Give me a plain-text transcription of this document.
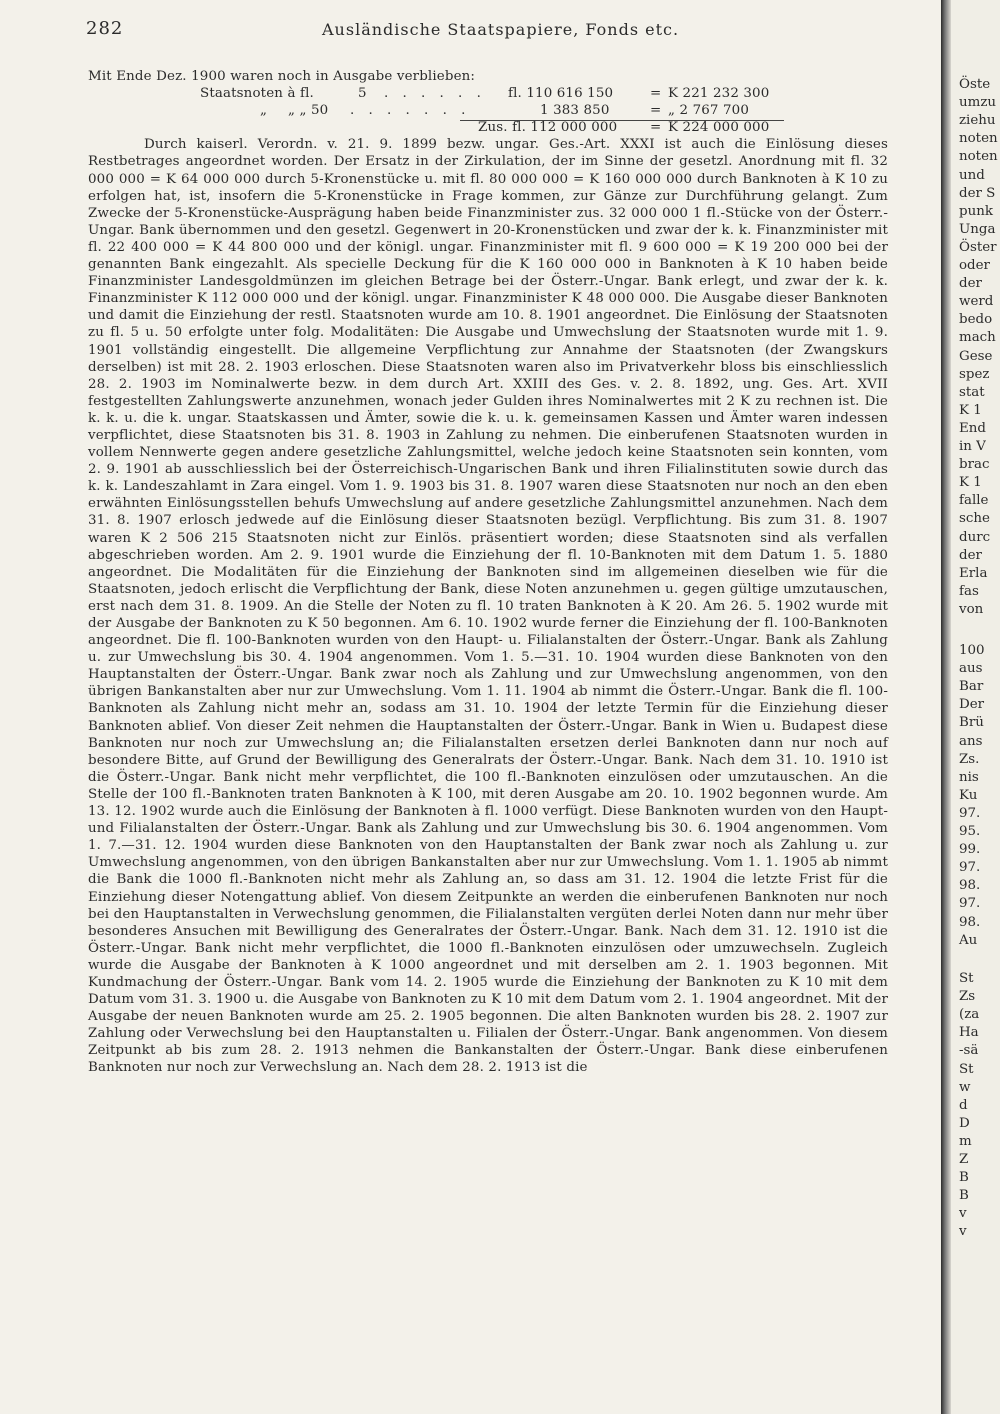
282	Ausländische Staatspapiere, Fonds etc.

Mit Ende Dez. 1900 waren noch in Ausgabe verblieben:

Staatsnoten à fl.	5 . . . . . . fl. 110 616 150	= K 221 232 300
„ „ „ 50 . . . . . . .	1 383 850	= „ 2 767 700
Zus. fl. 112 000 000 = K 224 000 000

Durch kaiserl. Verordn. v. 21. 9. 1899 bezw. ungar. Ges.-Art. XXXI ist auch die Einlösung dieses Restbetrages angeordnet worden. Der Ersatz in der Zirkulation, der im Sinne der gesetzl. Anordnung mit fl. 32 000 000 = K 64 000 000 durch 5-Kronenstücke u. mit fl. 80 000 000 = K 160 000 000 durch Banknoten à K 10 zu erfolgen hat, ist, insofern die 5-Kronenstücke in Frage kommen, zur Gänze zur Durchführung gelangt. Zum Zwecke der 5-Kronenstücke-Ausprägung haben beide Finanzminister zus. 32 000 000 1 fl.-Stücke von der Österr.-Ungar. Bank übernommen und den gesetzl. Gegenwert in 20-Kronenstücken und zwar der k. k. Finanzminister mit fl. 22 400 000 = K 44 800 000 und der königl. ungar. Finanzminister mit fl. 9 600 000 = K 19 200 000 bei der genannten Bank eingezahlt. Als specielle Deckung für die K 160 000 000 in Banknoten à K 10 haben beide Finanzminister Landesgoldmünzen im gleichen Betrage bei der Österr.-Ungar. Bank erlegt, und zwar der k. k. Finanzminister K 112 000 000 und der königl. ungar. Finanzminister K 48 000 000. Die Ausgabe dieser Banknoten und damit die Einziehung der restl. Staatsnoten wurde am 10. 8. 1901 angeordnet. Die Einlösung der Staatsnoten zu fl. 5 u. 50 erfolgte unter folg. Modalitäten: Die Ausgabe und Umwechslung der Staatsnoten wurde mit 1. 9. 1901 vollständig eingestellt. Die allgemeine Verpflichtung zur Annahme der Staatsnoten (der Zwangskurs derselben) ist mit 28. 2. 1903 erloschen. Diese Staatsnoten waren also im Privatverkehr bloss bis einschliesslich 28. 2. 1903 im Nominalwerte bezw. in dem durch Art. XXIII des Ges. v. 2. 8. 1892, ung. Ges. Art. XVII festgestellten Zahlungswerte anzunehmen, wonach jeder Gulden ihres Nominalwertes mit 2 K zu rechnen ist. Die k. k. u. die k. ungar. Staatskassen und Ämter, sowie die k. u. k. gemeinsamen Kassen und Ämter waren indessen verpflichtet, diese Staatsnoten bis 31. 8. 1903 in Zahlung zu nehmen. Die einberufenen Staatsnoten wurden in vollem Nennwerte gegen andere gesetzliche Zahlungsmittel, welche jedoch keine Staatsnoten sein konnten, vom 2. 9. 1901 ab ausschliesslich bei der Österreichisch-Ungarischen Bank und ihren Filialinstituten sowie durch das k. k. Landeszahlamt in Zara eingel. Vom 1. 9. 1903 bis 31. 8. 1907 waren diese Staatsnoten nur noch an den eben erwähnten Einlösungsstellen behufs Umwechslung auf andere gesetzliche Zahlungsmittel anzunehmen. Nach dem 31. 8. 1907 erlosch jedwede auf die Einlösung dieser Staatsnoten bezügl. Verpflichtung. Bis zum 31. 8. 1907 waren K 2 506 215 Staatsnoten nicht zur Einlös. präsentiert worden; diese Staatsnoten sind als verfallen abgeschrieben worden. Am 2. 9. 1901 wurde die Einziehung der fl. 10-Banknoten mit dem Datum 1. 5. 1880 angeordnet. Die Modalitäten für die Einziehung der Banknoten sind im allgemeinen dieselben wie für die Staatsnoten, jedoch erlischt die Verpflichtung der Bank, diese Noten anzunehmen u. gegen gültige umzutauschen, erst nach dem 31. 8. 1909. An die Stelle der Noten zu fl. 10 traten Banknoten à K 20. Am 26. 5. 1902 wurde mit der Ausgabe der Banknoten zu K 50 begonnen. Am 6. 10. 1902 wurde ferner die Einziehung der fl. 100-Banknoten angeordnet. Die fl. 100-Banknoten wurden von den Haupt- u. Filialanstalten der Österr.-Ungar. Bank als Zahlung u. zur Umwechslung bis 30. 4. 1904 angenommen. Vom 1. 5.—31. 10. 1904 wurden diese Banknoten von den Hauptanstalten der Österr.-Ungar. Bank zwar noch als Zahlung und zur Umwechslung angenommen, von den übrigen Bankanstalten aber nur zur Umwechslung. Vom 1. 11. 1904 ab nimmt die Österr.-Ungar. Bank die fl. 100-Banknoten als Zahlung nicht mehr an, sodass am 31. 10. 1904 der letzte Termin für die Einziehung dieser Banknoten ablief. Von dieser Zeit nehmen die Hauptanstalten der Österr.-Ungar. Bank in Wien u. Budapest diese Banknoten nur noch zur Umwechslung an; die Filialanstalten ersetzen derlei Banknoten dann nur noch auf besondere Bitte, auf Grund der Bewilligung des Generalrats der Österr.-Ungar. Bank. Nach dem 31. 10. 1910 ist die Österr.-Ungar. Bank nicht mehr verpflichtet, die 100 fl.-Banknoten einzulösen oder umzutauschen. An die Stelle der 100 fl.-Banknoten traten Banknoten à K 100, mit deren Ausgabe am 20. 10. 1902 begonnen wurde. Am 13. 12. 1902 wurde auch die Einlösung der Banknoten à fl. 1000 verfügt. Diese Banknoten wurden von den Haupt- und Filialanstalten der Österr.-Ungar. Bank als Zahlung und zur Umwechslung bis 30. 6. 1904 angenommen. Vom 1. 7.—31. 12. 1904 wurden diese Banknoten von den Hauptanstalten der Bank zwar noch als Zahlung u. zur Umwechslung angenommen, von den übrigen Bankanstalten aber nur zur Umwechslung. Vom 1. 1. 1905 ab nimmt die Bank die 1000 fl.-Banknoten nicht mehr als Zahlung an, so dass am 31. 12. 1904 die letzte Frist für die Einziehung dieser Notengattung ablief. Von diesem Zeitpunkte an werden die einberufenen Banknoten nur noch bei den Hauptanstalten in Verwechslung genommen, die Filialanstalten vergüten derlei Noten dann nur mehr über besonderes Ansuchen mit Bewilligung des Generalrates der Österr.-Ungar. Bank. Nach dem 31. 12. 1910 ist die Österr.-Ungar. Bank nicht mehr verpflichtet, die 1000 fl.-Banknoten einzulösen oder umzuwechseln. Zugleich wurde die Ausgabe der Banknoten à K 1000 angeordnet und mit derselben am 2. 1. 1903 begonnen. Mit Kundmachung der Österr.-Ungar. Bank vom 14. 2. 1905 wurde die Einziehung der Banknoten zu K 10 mit dem Datum vom 31. 3. 1900 u. die Ausgabe von Banknoten zu K 10 mit dem Datum vom 2. 1. 1904 angeordnet. Mit der Ausgabe der neuen Banknoten wurde am 25. 2. 1905 begonnen. Die alten Banknoten wurden bis 28. 2. 1907 zur Zahlung oder Verwechslung bei den Hauptanstalten u. Filialen der Österr.-Ungar. Bank angenommen. Von diesem Zeitpunkt ab bis zum 28. 2. 1913 nehmen die Bankanstalten der Österr.-Ungar. Bank diese einberufenen Banknoten nur noch zur Verwechslung an. Nach dem 28. 2. 1913 ist die

Öste
umzu
ziehu
noten
noten
und
der S
punk
Unga
Öster
oder
der
werd
bedo
mach
Gese
spez
stat
K 1
End
in V
brac
K 1
falle
sche
durc
der
Erla
fas
von
100
aus
Bar
Der
Brü
ans
Zs.
nis
Ku
97.
95.
99.
97.
98.
97.
98.
Au
St
Zs
(za
Ha
-sä
St
w
d
D
m
Z
B
B
v
v
